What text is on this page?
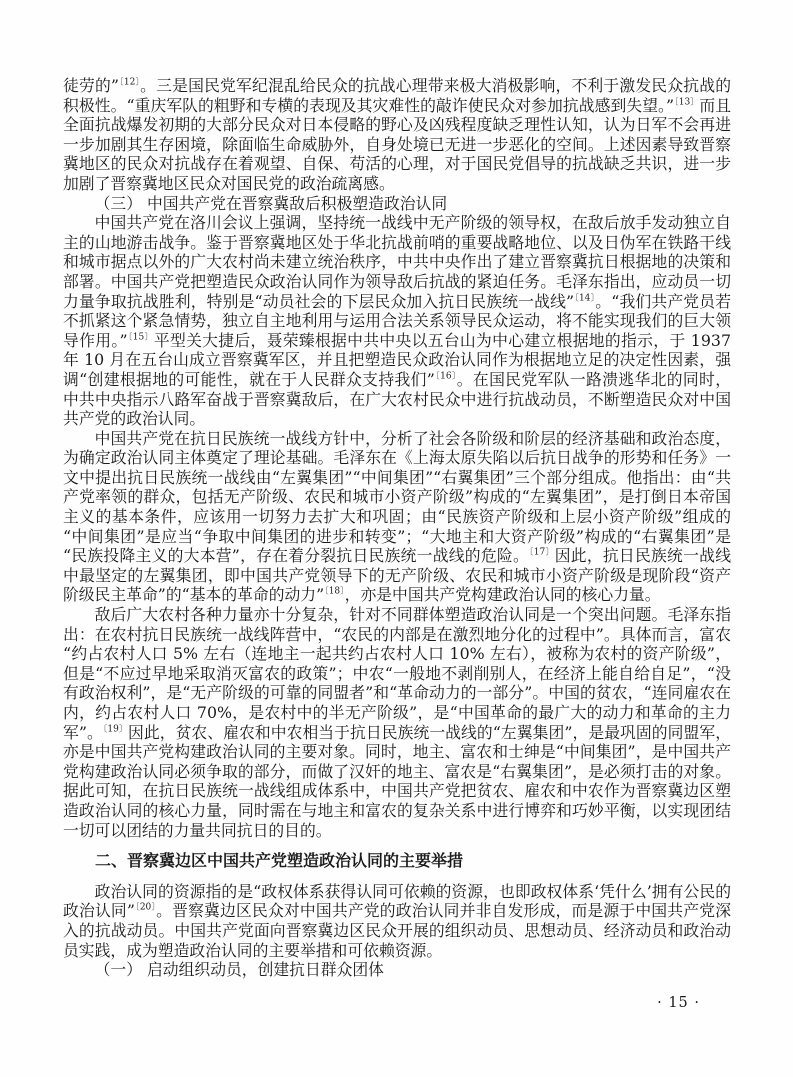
徒劳的”$^{〔12〕}$。三是国民党军纪混乱给民众的抗战心理带来极大消极影响，不利于激发民众抗战的积极性。“重庆军队的粗野和专横的表现及其灾难性的敲诈使民众对参加抗战感到失望。”$^{〔13〕}$而且全面抗战爆发初期的大部分民众对日本侵略的野心及凶残程度缺乏理性认知，认为日军不会再进一步加剧其生存困境，除面临生命威胁外，自身处境已无进一步恶化的空间。上述因素导致晋察冀地区的民众对抗战存在着观望、自保、苟活的心理，对于国民党倡导的抗战缺乏共识，进一步加剧了晋察冀地区民众对国民党的政治疏离感。

（三） 中国共产党在晋察冀敌后积极塑造政治认同

中国共产党在洛川会议上强调，坚持统一战线中无产阶级的领导权，在敌后放手发动独立自主的山地游击战争。鉴于晋察冀地区处于华北抗战前哨的重要战略地位、以及日伪军在铁路干线和城市据点以外的广大农村尚未建立统治秩序，中共中央作出了建立晋察冀抗日根据地的决策和部署。中国共产党把塑造民众政治认同作为领导敌后抗战的紧迫任务。毛泽东指出，应动员一切力量争取抗战胜利，特别是“动员社会的下层民众加入抗日民族统一战线”$^{〔14〕}$。“我们共产党员若不抓紧这个紧急情势，独立自主地利用与运用合法关系领导民众运动，将不能实现我们的巨大领导作用。”$^{〔15〕}$平型关大捷后，聂荣臻根据中共中央以五台山为中心建立根据地的指示，于 1937 年 10 月在五台山成立晋察冀军区，并且把塑造民众政治认同作为根据地立足的决定性因素，强调“创建根据地的可能性，就在于人民群众支持我们”$^{〔16〕}$。在国民党军队一路溃逃华北的同时，中共中央指示八路军奋战于晋察冀敌后，在广大农村民众中进行抗战动员，不断塑造民众对中国共产党的政治认同。

中国共产党在抗日民族统一战线方针中，分析了社会各阶级和阶层的经济基础和政治态度，为确定政治认同主体奠定了理论基础。毛泽东在《上海太原失陷以后抗日战争的形势和任务》一文中提出抗日民族统一战线由“左翼集团”“中间集团”“右翼集团”三个部分组成。他指出：由“共产党率领的群众，包括无产阶级、农民和城市小资产阶级”构成的“左翼集团”，是打倒日本帝国主义的基本条件，应该用一切努力去扩大和巩固；由“民族资产阶级和上层小资产阶级”组成的“中间集团”是应当“争取中间集团的进步和转变”；“大地主和大资产阶级”构成的“右翼集团”是“民族投降主义的大本营”，存在着分裂抗日民族统一战线的危险。$^{〔17〕}$因此，抗日民族统一战线中最坚定的左翼集团，即中国共产党领导下的无产阶级、农民和城市小资产阶级是现阶段“资产阶级民主革命”的“基本的革命的动力”$^{〔18〕}$，亦是中国共产党构建政治认同的核心力量。

敌后广大农村各种力量亦十分复杂，针对不同群体塑造政治认同是一个突出问题。毛泽东指出：在农村抗日民族统一战线阵营中，“农民的内部是在激烈地分化的过程中”。具体而言，富农“约占农村人口 5% 左右（连地主一起共约占农村人口 10% 左右），被称为农村的资产阶级”，但是“不应过早地采取消灭富农的政策”；中农“一般地不剥削别人，在经济上能自给自足”，“没有政治权利”，是“无产阶级的可靠的同盟者”和“革命动力的一部分”。中国的贫农，“连同雇农在内，约占农村人口 70%，是农村中的半无产阶级”，是“中国革命的最广大的动力和革命的主力军”。$^{〔19〕}$因此，贫农、雇农和中农相当于抗日民族统一战线的“左翼集团”，是最巩固的同盟军，亦是中国共产党构建政治认同的主要对象。同时，地主、富农和士绅是“中间集团”，是中国共产党构建政治认同必须争取的部分，而做了汉奸的地主、富农是“右翼集团”，是必须打击的对象。据此可知，在抗日民族统一战线组成体系中，中国共产党把贫农、雇农和中农作为晋察冀边区塑造政治认同的核心力量，同时需在与地主和富农的复杂关系中进行博弈和巧妙平衡，以实现团结一切可以团结的力量共同抗日的目的。

二、晋察冀边区中国共产党塑造政治认同的主要举措

政治认同的资源指的是“政权体系获得认同可依赖的资源，也即政权体系‘凭什么’拥有公民的政治认同”$^{〔20〕}$。晋察冀边区民众对中国共产党的政治认同并非自发形成，而是源于中国共产党深入的抗战动员。中国共产党面向晋察冀边区民众开展的组织动员、思想动员、经济动员和政治动员实践，成为塑造政治认同的主要举措和可依赖资源。

（一） 启动组织动员，创建抗日群众团体

· 15 ·
